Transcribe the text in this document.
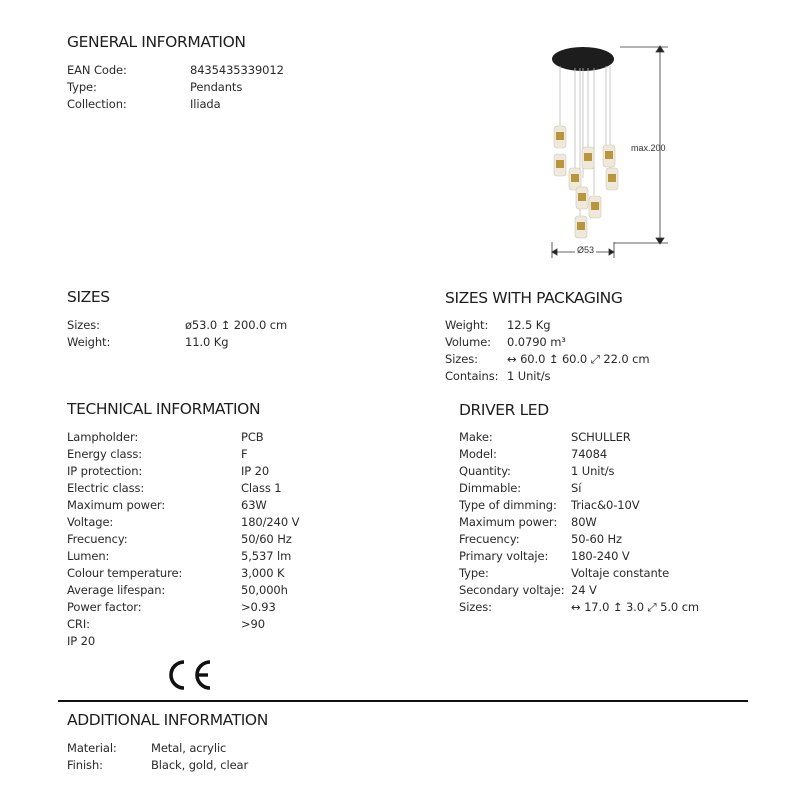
GENERAL INFORMATION
EAN Code:	8435435339012
Type:	Pendants
Collection:	Iliada
max.200
Ø53
SIZES
Sizes:	ø53.0 ↥ 200.0 cm
Weight:	11.0 Kg
SIZES WITH PACKAGING
Weight: 12.5 Kg
Volume: 0.0790 m³
Sizes:	↔ 60.0 ↥ 60.0 ⤢ 22.0 cm
Contains: 1 Unit/s
TECHNICAL INFORMATION
Lampholder:	PCB
Energy class:	F
IP protection:	IP 20
Electric class:	Class 1
Maximum power:	63W
Voltage:	180/240 V
Frecuency:	50/60 Hz
Lumen:	5,537 lm
Colour temperature:	3,000 K
Average lifespan:	50,000h
Power factor:	>0.93
CRI:	>90
IP 20
DRIVER LED
Make:	SCHULLER
Model:	74084
Quantity:	1 Unit/s
Dimmable:	Sí
Type of dimming: Triac&0-10V
Maximum power: 80W
Frecuency:	50-60 Hz
Primary voltaje: 180-240 V
Type:	Voltaje constante
Secondary voltaje: 24 V
Sizes:	↔ 17.0 ↥ 3.0 ⤢ 5.0 cm
ADDITIONAL INFORMATION
Material:	Metal, acrylic
Finish:	Black, gold, clear
